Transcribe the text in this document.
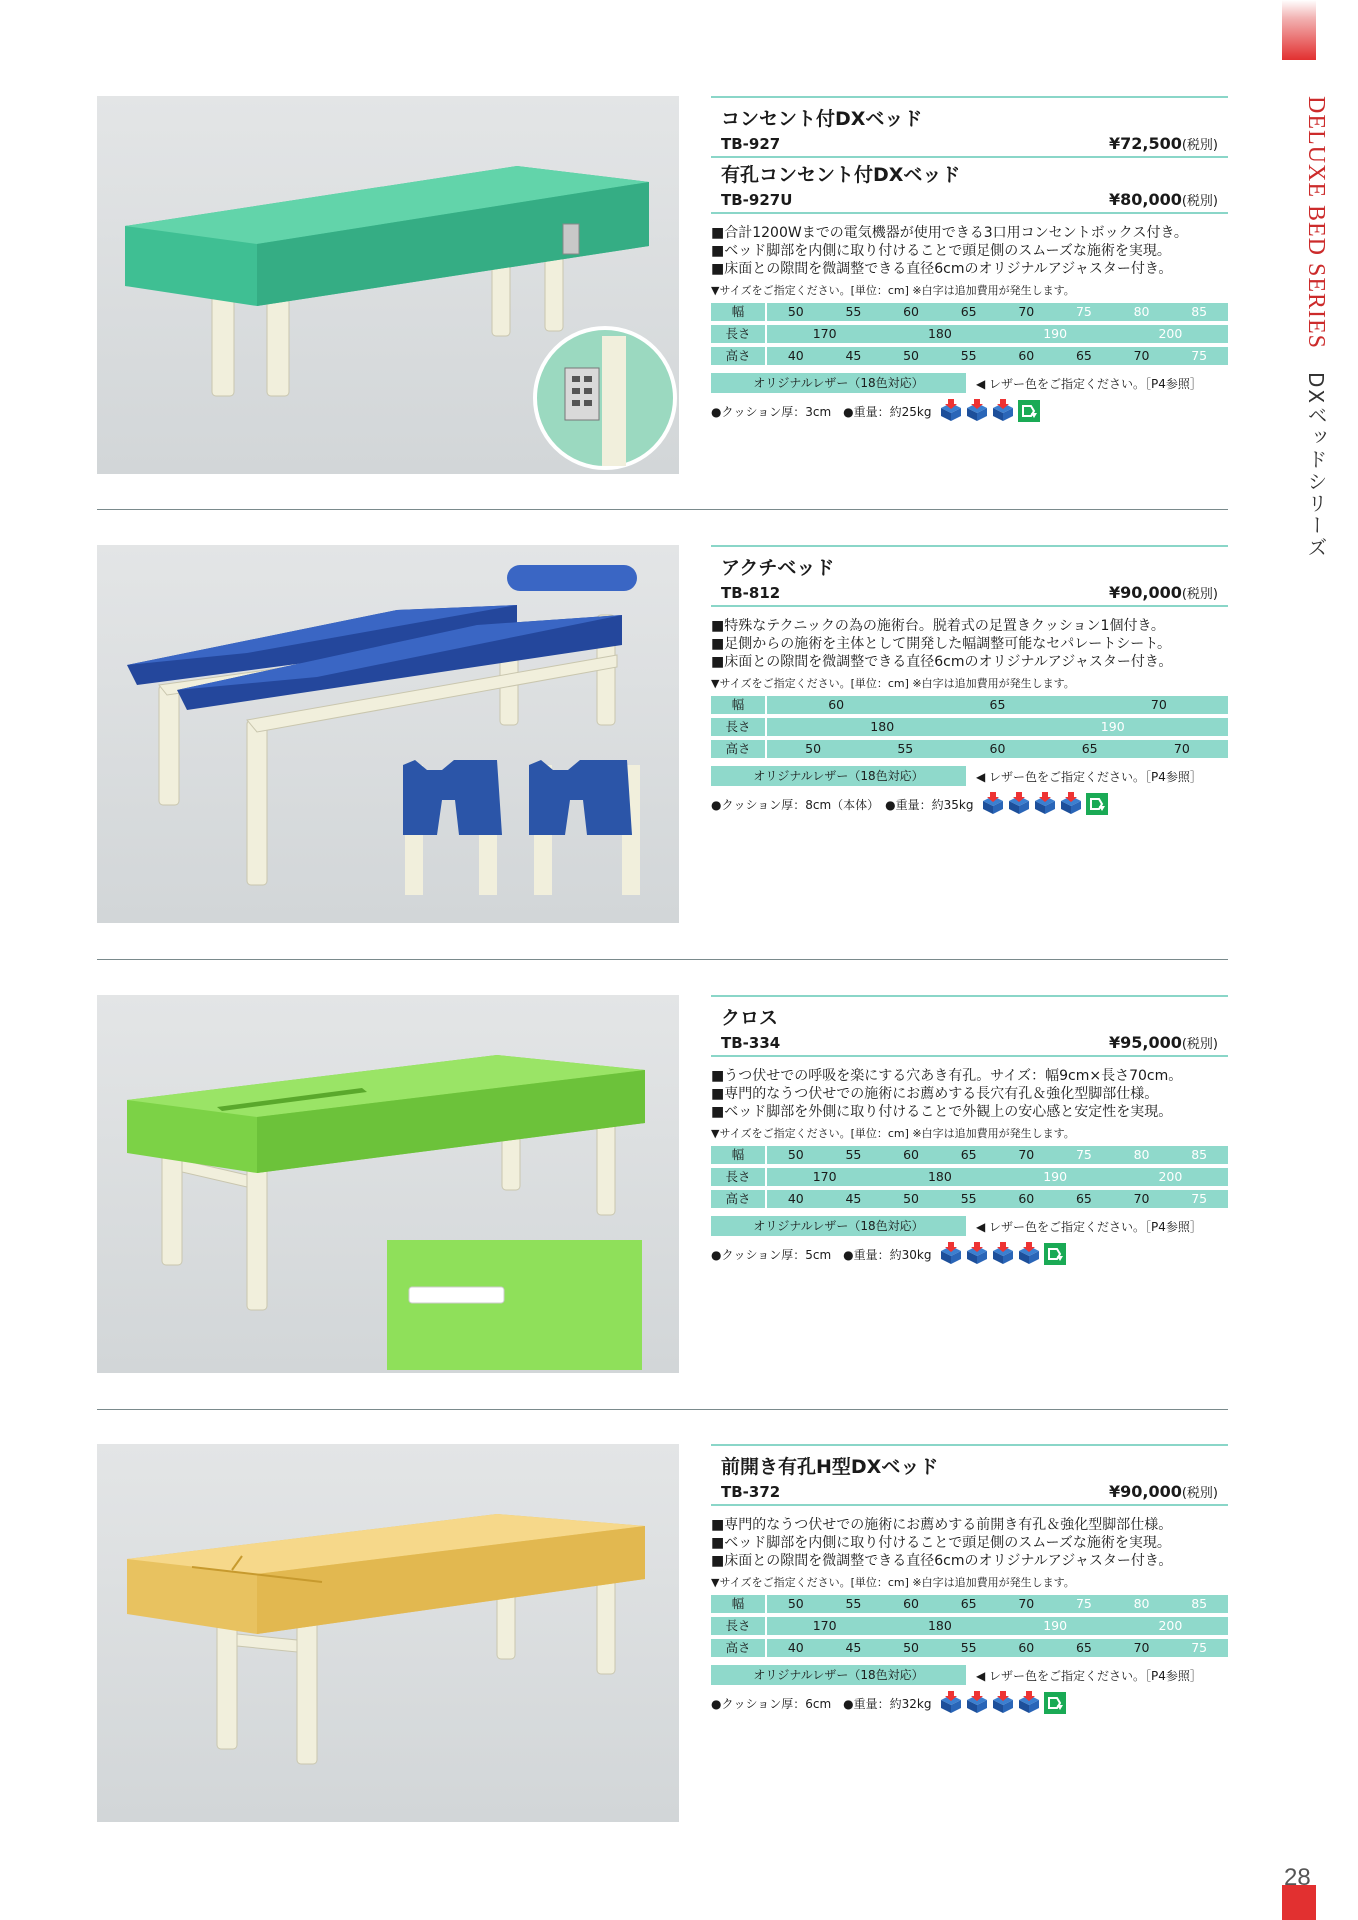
DELUXE BED SERIES
DXベッドシリーズ
28
コンセント付DXベッド
TB-927	¥72,500(税別)
有孔コンセント付DXベッド
TB-927U	¥80,000(税別)
■合計1200Wまでの電気機器が使用できる3口用コンセントボックス付き。
■ベッド脚部を内側に取り付けることで頭足側のスムーズな施術を実現。
■床面との隙間を微調整できる直径6cmのオリジナルアジャスター付き。
▼サイズをご指定ください。[単位：cm] ※白字は追加費用が発生します。
幅	50	55	60	65	70	75	80	85
長さ	170		180		190		200	
高さ	40	45	50	55	60	65	70	75
オリジナルレザー（18色対応）	◀ レザー色をご指定ください。［P4参照］
●クッション厚：3cm　●重量：約25kg
アクチベッド
TB-812	¥90,000(税別)
■特殊なテクニックの為の施術台。脱着式の足置きクッション1個付き。
■足側からの施術を主体として開発した幅調整可能なセパレートシート。
■床面との隙間を微調整できる直径6cmのオリジナルアジャスター付き。
▼サイズをご指定ください。[単位：cm] ※白字は追加費用が発生します。
幅	60		65				70	
長さ	180				190			
高さ	50	55		60		65		70
オリジナルレザー（18色対応）	◀ レザー色をご指定ください。［P4参照］
●クッション厚：8cm（本体）　●重量：約35kg
クロス
TB-334	¥95,000(税別)
■うつ伏せでの呼吸を楽にする穴あき有孔。サイズ：幅9cm×長さ70cm。
■専門的なうつ伏せでの施術にお薦めする長穴有孔＆強化型脚部仕様。
■ベッド脚部を外側に取り付けることで外観上の安心感と安定性を実現。
▼サイズをご指定ください。[単位：cm] ※白字は追加費用が発生します。
幅	50	55	60	65	70	75	80	85
長さ	170		180		190		200	
高さ	40	45	50	55	60	65	70	75
オリジナルレザー（18色対応）	◀ レザー色をご指定ください。［P4参照］
●クッション厚：5cm　●重量：約30kg
前開き有孔H型DXベッド
TB-372	¥90,000(税別)
■専門的なうつ伏せでの施術にお薦めする前開き有孔＆強化型脚部仕様。
■ベッド脚部を内側に取り付けることで頭足側のスムーズな施術を実現。
■床面との隙間を微調整できる直径6cmのオリジナルアジャスター付き。
▼サイズをご指定ください。[単位：cm] ※白字は追加費用が発生します。
幅	50	55	60	65	70	75	80	85
長さ	170		180		190		200	
高さ	40	45	50	55	60	65	70	75
オリジナルレザー（18色対応）	◀ レザー色をご指定ください。［P4参照］
●クッション厚：6cm　●重量：約32kg
